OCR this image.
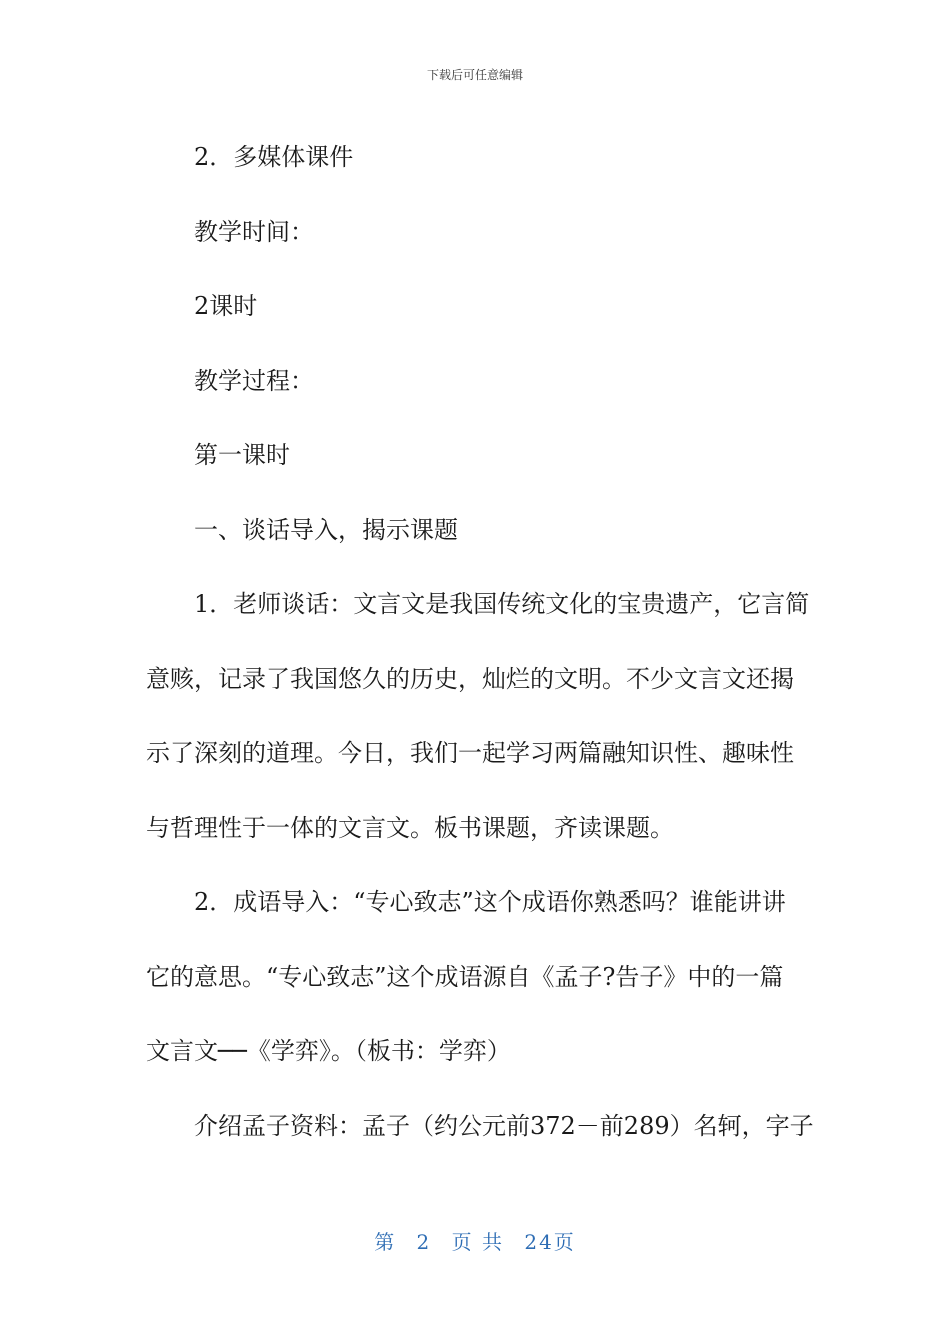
下载后可任意编辑
2．多媒体课件
教学时间：
2课时
教学过程：
第一课时
一、谈话导入，揭示课题
1．老师谈话：文言文是我国传统文化的宝贵遗产，它言简
意赅，记录了我国悠久的历史，灿烂的文明。不少文言文还揭
示了深刻的道理。今日，我们一起学习两篇融知识性、趣味性
与哲理性于一体的文言文。板书课题，齐读课题。
2．成语导入：“专心致志”这个成语你熟悉吗？谁能讲讲
它的意思。“专心致志”这个成语源自《孟子?告子》中的一篇
文言文──《学弈》。（板书：学弈）
介绍孟子资料：孟子（约公元前372－前289）名轲，字子
第 2 页 共 24页
